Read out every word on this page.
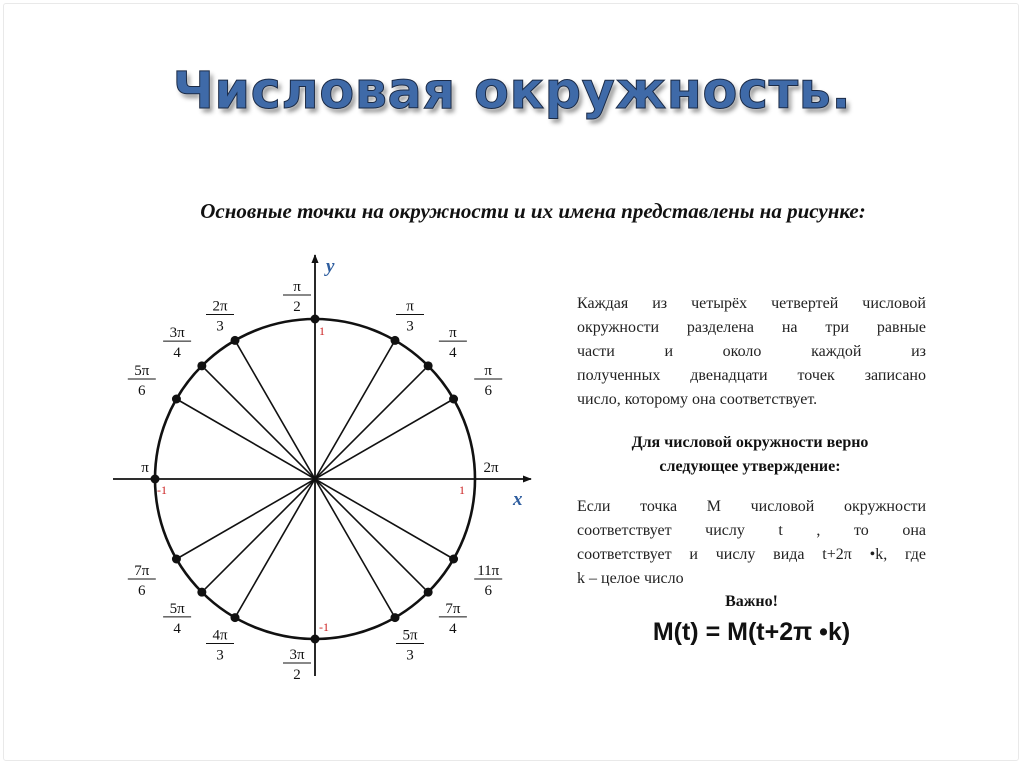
Числовая окружность.
Основные точки на окружности и их имена представлены на рисунке:
x
y
1
-1
-1	1
2π
π
6
π
4
π
3
π
2
2π
3
3π
4
5π
6
π
7π
6
5π
4 4π
3	3π
2
5π
3
7π
4
11π
6
Каждая из четырёх четвертей числовой
окружности разделена на три равные
части и около каждой из
полученных двенадцати точек записано
число, которому она соответствует.
Для числовой окружности верно
следующее утверждение:
Если точка М числовой окружности
соответствует числу t , то она
соответствует и числу вида t+2π •k, где
k – целое число
Важно!
M(t) = M(t+2π •k)
